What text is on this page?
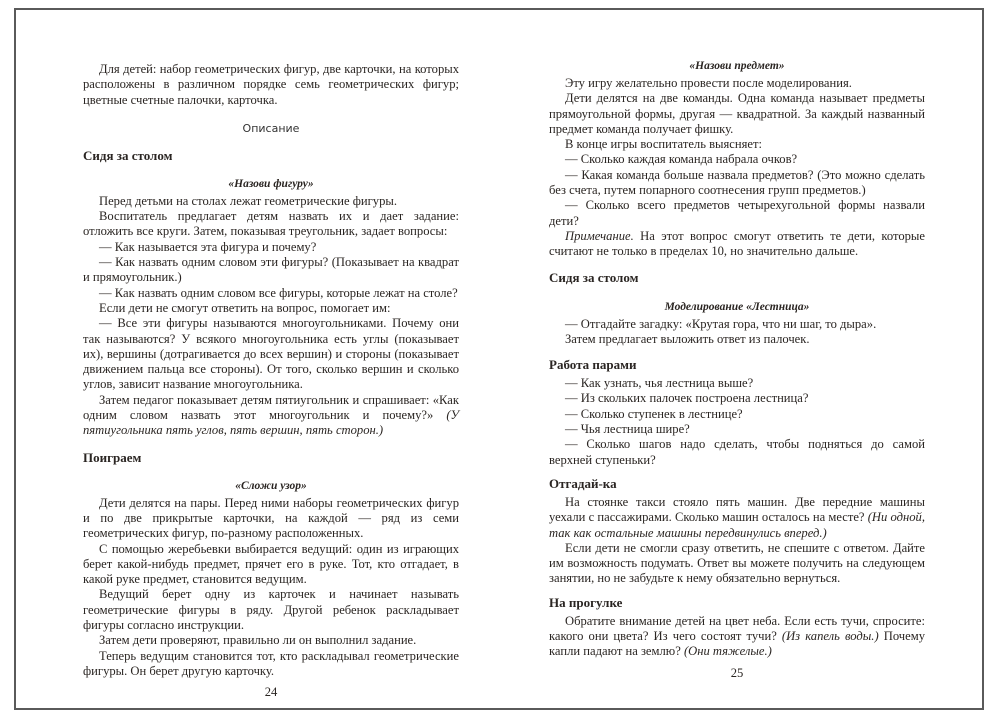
Для детей: набор геометрических фигур, две карточки, на которых расположены в различном порядке семь геометрических фигур; цветные счетные палочки, карточка.

Описание

Сидя за столом

«Назови фигуру»

Перед детьми на столах лежат геометрические фигуры.

Воспитатель предлагает детям назвать их и дает задание: отложить все круги. Затем, показывая треугольник, задает вопросы:

— Как называется эта фигура и почему?

— Как назвать одним словом эти фигуры? (Показывает на квадрат и прямоугольник.)

— Как назвать одним словом все фигуры, которые лежат на столе?

Если дети не смогут ответить на вопрос, помогает им:

— Все эти фигуры называются многоугольниками. Почему они так называются? У всякого многоугольника есть углы (показывает их), вершины (дотрагивается до всех вершин) и стороны (показывает движением пальца все стороны). От того, сколько вершин и сколько углов, зависит название многоугольника.

Затем педагог показывает детям пятиугольник и спрашивает: «Как одним словом назвать этот многоугольник и почему?» (У пятиугольника пять углов, пять вершин, пять сторон.)

Поиграем

«Сложи узор»

Дети делятся на пары. Перед ними наборы геометрических фигур и по две прикрытые карточки, на каждой — ряд из семи геометрических фигур, по-разному расположенных.

С помощью жеребьевки выбирается ведущий: один из играющих берет какой-нибудь предмет, прячет его в руке. Тот, кто отгадает, в какой руке предмет, становится ведущим.

Ведущий берет одну из карточек и начинает называть геометрические фигуры в ряду. Другой ребенок раскладывает фигуры согласно инструкции.

Затем дети проверяют, правильно ли он выполнил задание.

Теперь ведущим становится тот, кто раскладывал геометрические фигуры. Он берет другую карточку.

24

«Назови предмет»

Эту игру желательно провести после моделирования.

Дети делятся на две команды. Одна команда называет предметы прямоугольной формы, другая — квадратной. За каждый названный предмет команда получает фишку.

В конце игры воспитатель выясняет:

— Сколько каждая команда набрала очков?

— Какая команда больше назвала предметов? (Это можно сделать без счета, путем попарного соотнесения групп предметов.)

— Сколько всего предметов четырехугольной формы назвали дети?

Примечание. На этот вопрос смогут ответить те дети, которые считают не только в пределах 10, но значительно дальше.

Сидя за столом

Моделирование «Лестница»

— Отгадайте загадку: «Крутая гора, что ни шаг, то дыра».

Затем предлагает выложить ответ из палочек.

Работа парами

— Как узнать, чья лестница выше?

— Из скольких палочек построена лестница?

— Сколько ступенек в лестнице?

— Чья лестница шире?

— Сколько шагов надо сделать, чтобы подняться до самой верхней ступеньки?

Отгадай-ка

На стоянке такси стояло пять машин. Две передние машины уехали с пассажирами. Сколько машин осталось на месте? (Ни одной, так как остальные машины передвинулись вперед.)

Если дети не смогли сразу ответить, не спешите с ответом. Дайте им возможность подумать. Ответ вы можете получить на следующем занятии, но не забудьте к нему обязательно вернуться.

На прогулке

Обратите внимание детей на цвет неба. Если есть тучи, спросите: какого они цвета? Из чего состоят тучи? (Из капель воды.) Почему капли падают на землю? (Они тяжелые.)

25
